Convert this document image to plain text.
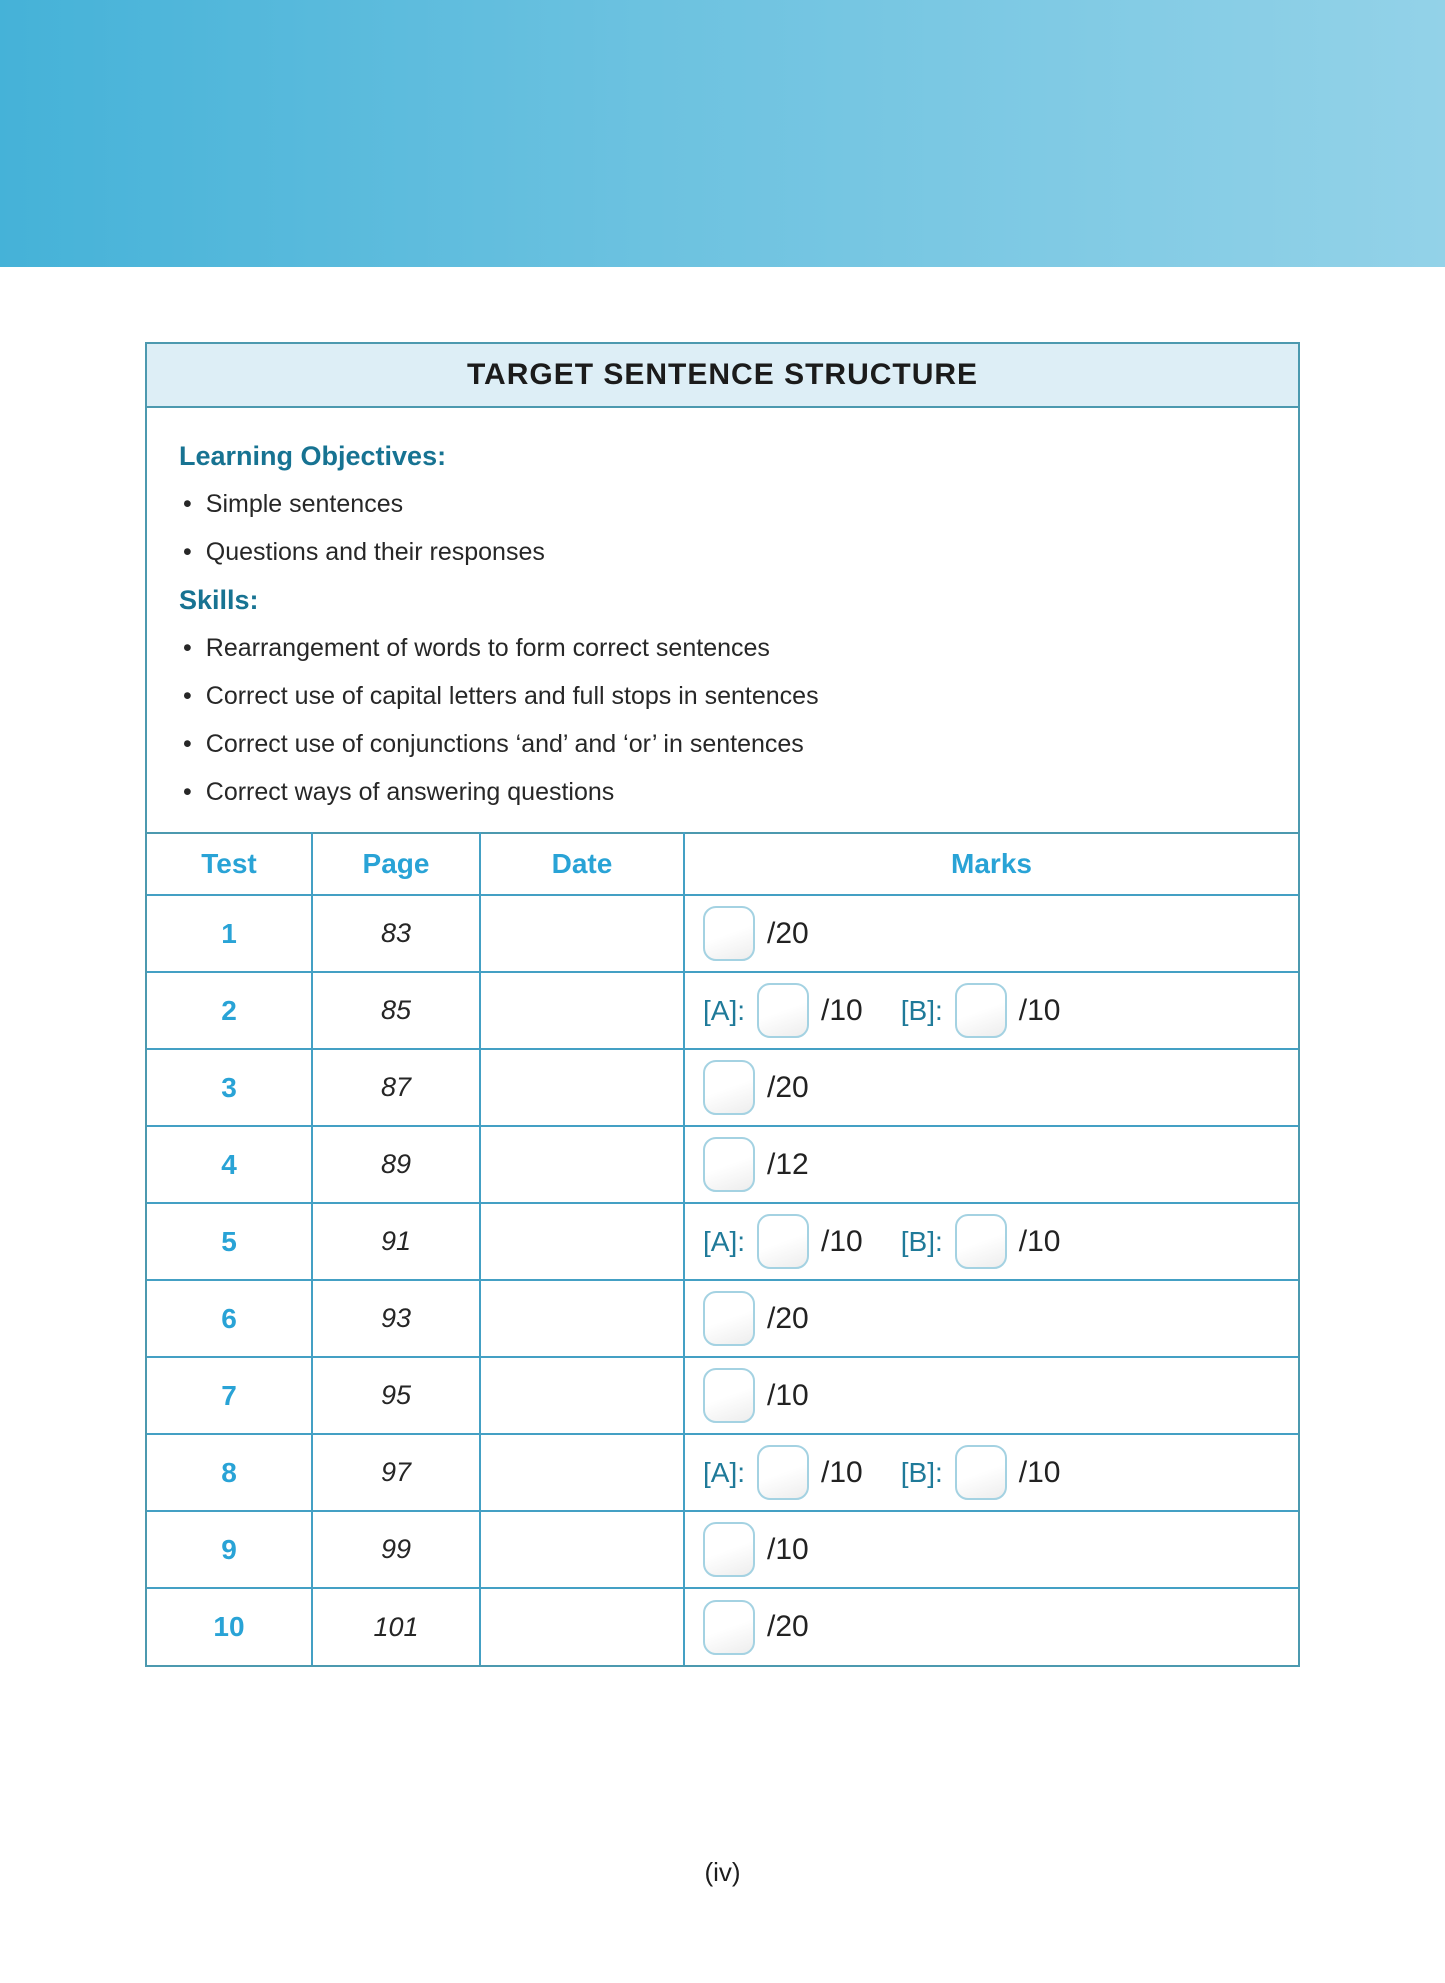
TARGET SENTENCE STRUCTURE
Learning Objectives:
• Simple sentences
• Questions and their responses
Skills:
• Rearrangement of words to form correct sentences
• Correct use of capital letters and full stops in sentences
• Correct use of conjunctions ‘and’ and ‘or’ in sentences
• Correct ways of answering questions
Test	Page	Date	Marks
1	83		/20

2	85		[A]: /10 [B]: /10

3	87		/20

4	89		/12

5	91		[A]: /10 [B]: /10

6	93		/20

7	95		/10

8	97		[A]: /10 [B]: /10

9	99		/10

10	101		/20
(iv)
